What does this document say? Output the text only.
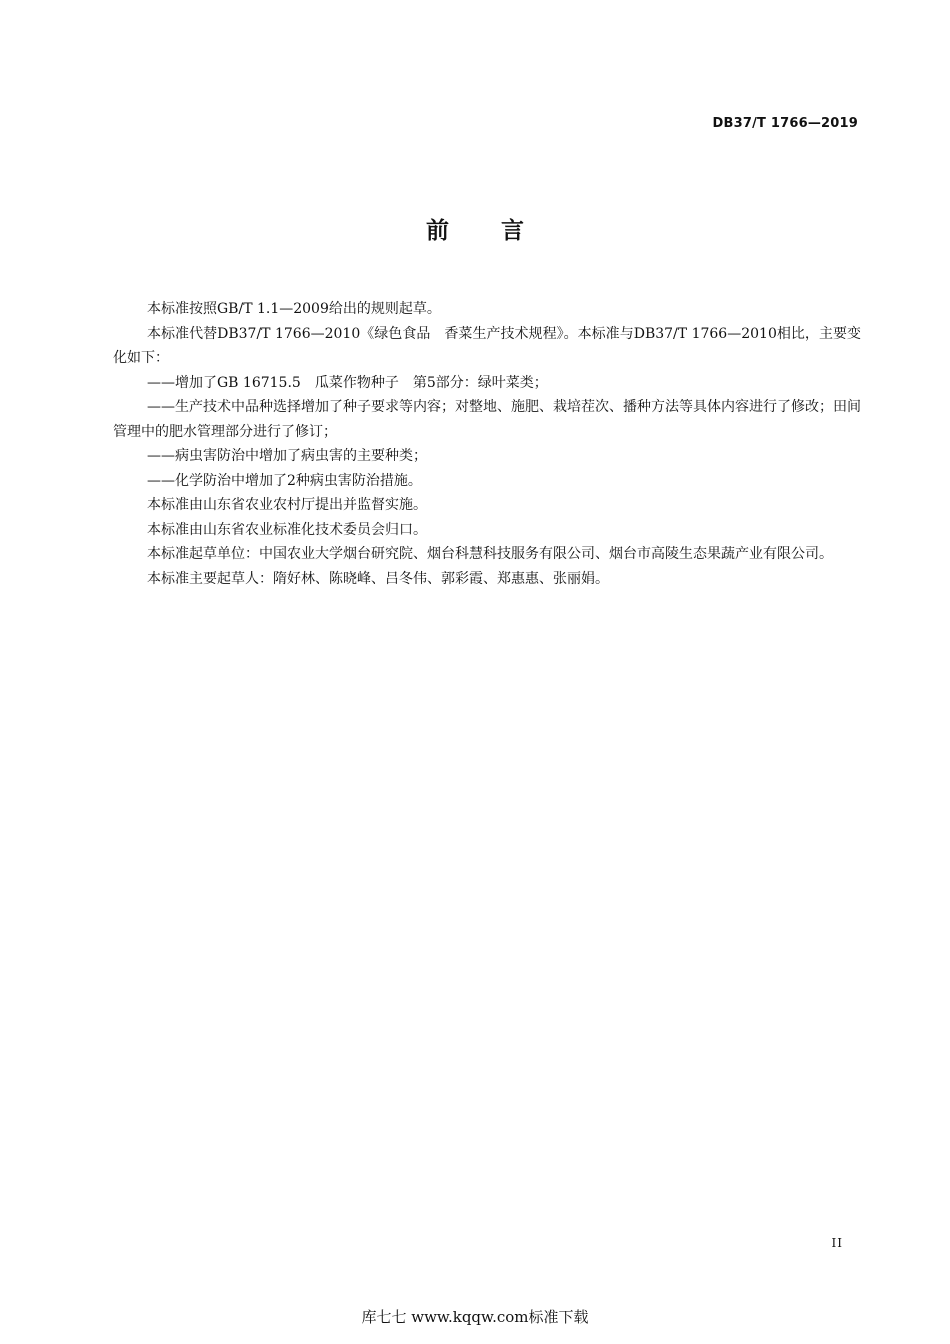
DB37/T 1766—2019
前言

本标准按照GB/T 1.1—2009给出的规则起草。

本标准代替DB37/T 1766—2010《绿色食品　香菜生产技术规程》。本标准与DB37/T 1766—2010相比，主要变化如下：

——增加了GB 16715.5　瓜菜作物种子　第5部分：绿叶菜类；

——生产技术中品种选择增加了种子要求等内容；对整地、施肥、栽培茬次、播种方法等具体内容进行了修改；田间管理中的肥水管理部分进行了修订；

——病虫害防治中增加了病虫害的主要种类；

——化学防治中增加了2种病虫害防治措施。

本标准由山东省农业农村厅提出并监督实施。

本标准由山东省农业标准化技术委员会归口。

本标准起草单位：中国农业大学烟台研究院、烟台科慧科技服务有限公司、烟台市高陵生态果蔬产业有限公司。

本标准主要起草人：隋好林、陈晓峰、吕冬伟、郭彩霞、郑惠惠、张丽娟。

II
库七七 www.kqqw.com标准下载
